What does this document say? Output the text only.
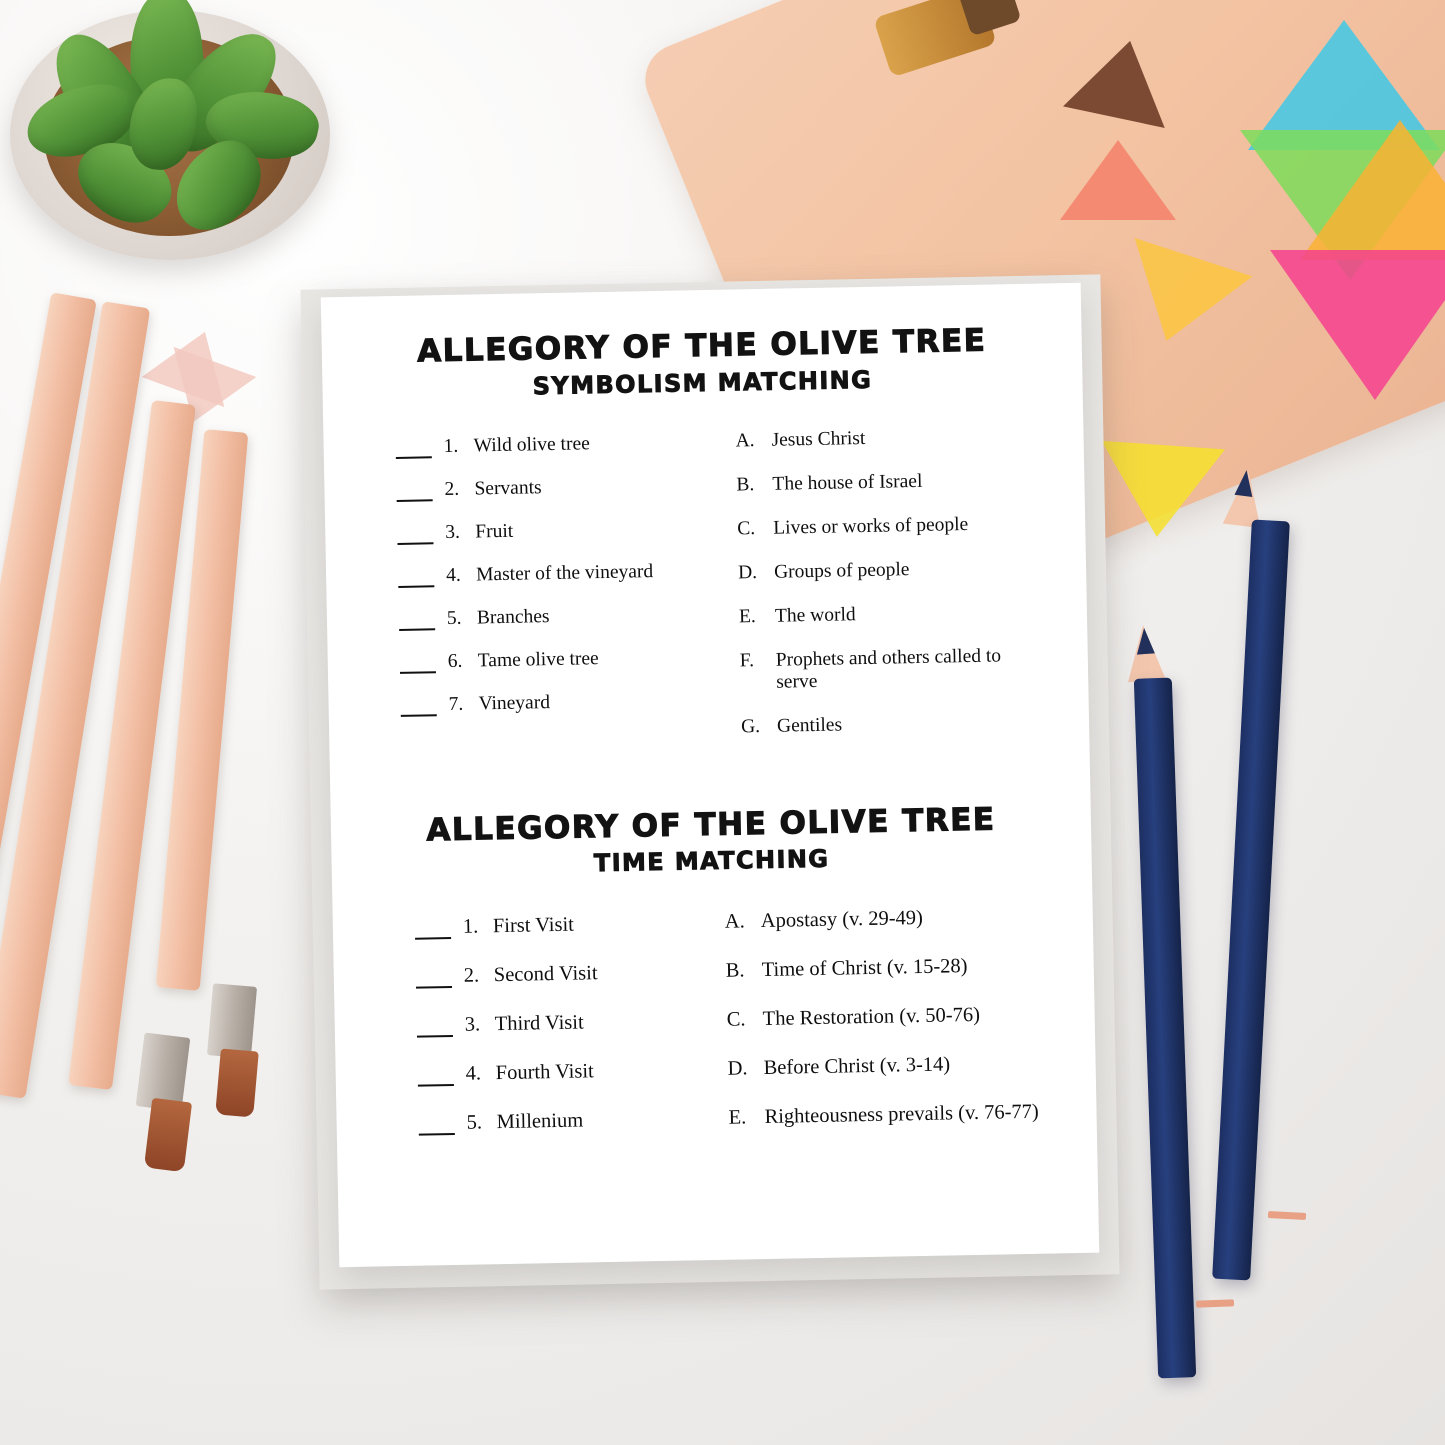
ALLEGORY OF THE OLIVE TREE
SYMBOLISM MATCHING
1. Wild olive tree
2. Servants
3. Fruit
4. Master of the vineyard
5. Branches
6. Tame olive tree
7. Vineyard
A. Jesus Christ
B. The house of Israel
C. Lives or works of people
D. Groups of people
E. The world
F.	Prophets and others called to serve
G. Gentiles
ALLEGORY OF THE OLIVE TREE
TIME MATCHING
1. First Visit
2. Second Visit
3. Third Visit
4. Fourth Visit
5. Millenium
A. Apostasy (v. 29-49)
B. Time of Christ (v. 15-28)
C. The Restoration (v. 50-76)
D. Before Christ (v. 3-14)
E. Righteousness prevails (v. 76-77)
